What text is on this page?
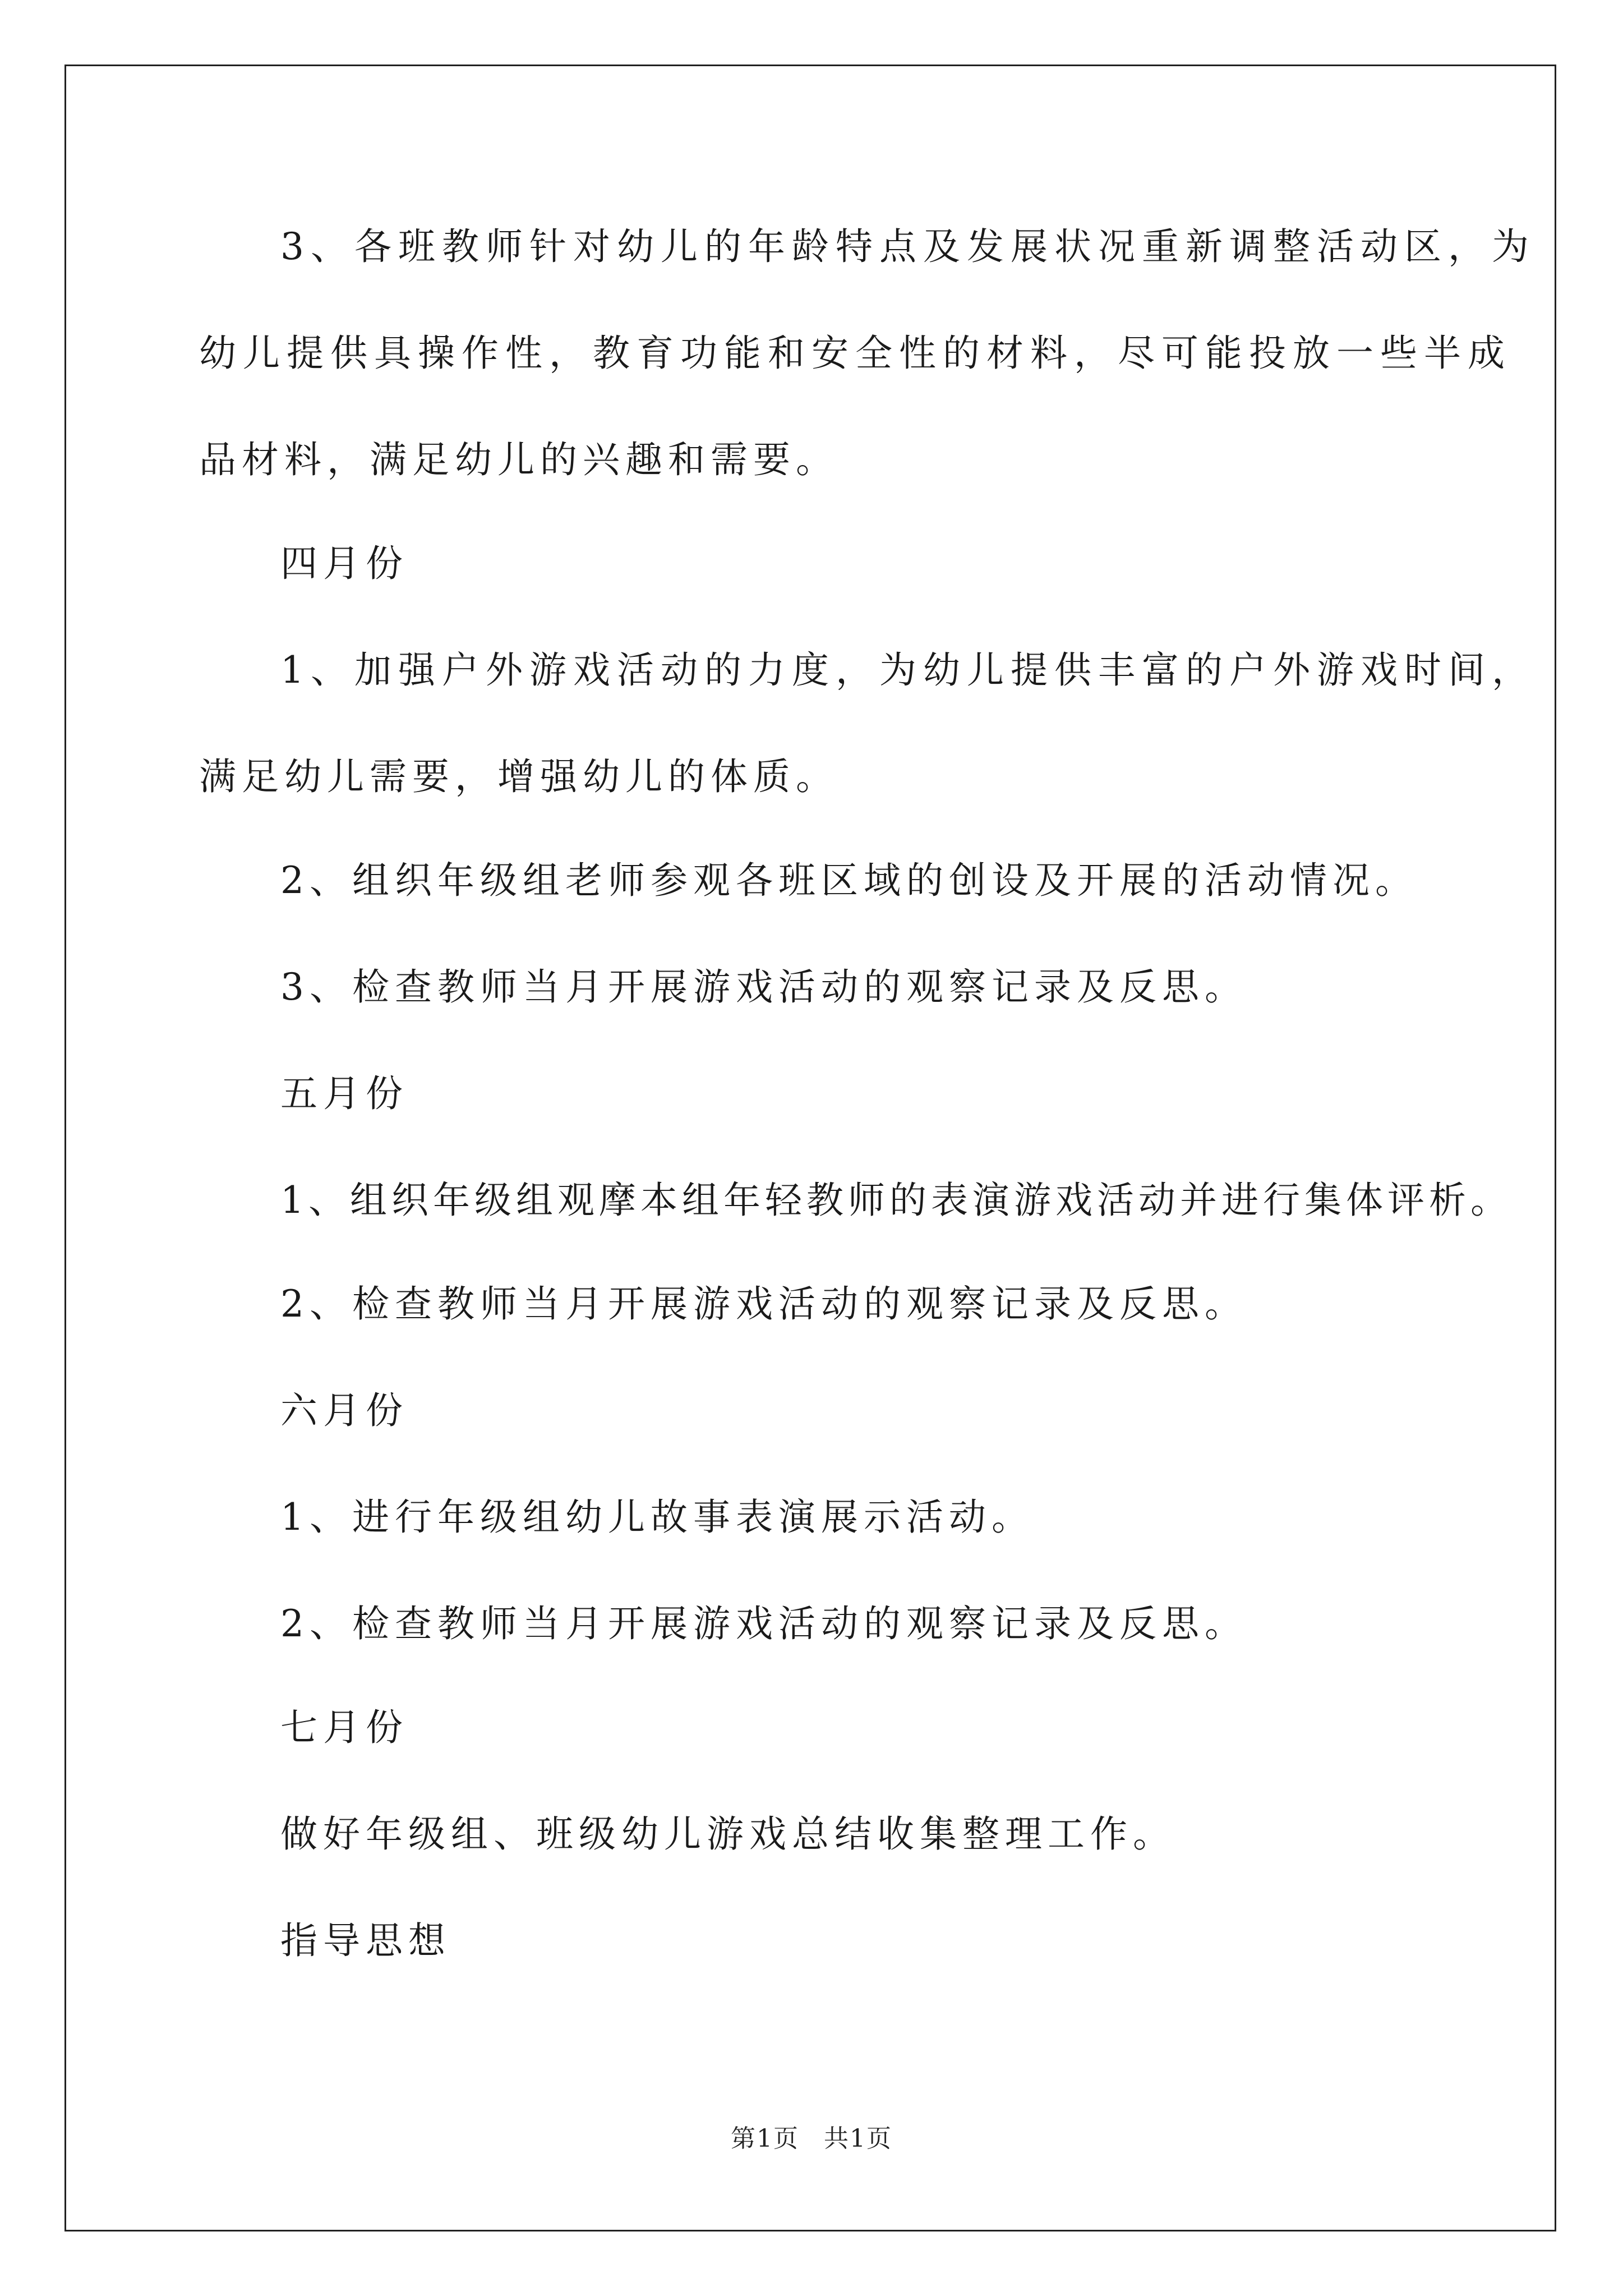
3、各班教师针对幼儿的年龄特点及发展状况重新调整活动区，为
幼儿提供具操作性，教育功能和安全性的材料，尽可能投放一些半成
品材料，满足幼儿的兴趣和需要。
四月份
1、加强户外游戏活动的力度，为幼儿提供丰富的户外游戏时间，
满足幼儿需要，增强幼儿的体质。
2、组织年级组老师参观各班区域的创设及开展的活动情况。
3、检查教师当月开展游戏活动的观察记录及反思。
五月份
1、组织年级组观摩本组年轻教师的表演游戏活动并进行集体评析。
2、检查教师当月开展游戏活动的观察记录及反思。
六月份
1、进行年级组幼儿故事表演展示活动。
2、检查教师当月开展游戏活动的观察记录及反思。
七月份
做好年级组、班级幼儿游戏总结收集整理工作。
指导思想
第1页 共1页
